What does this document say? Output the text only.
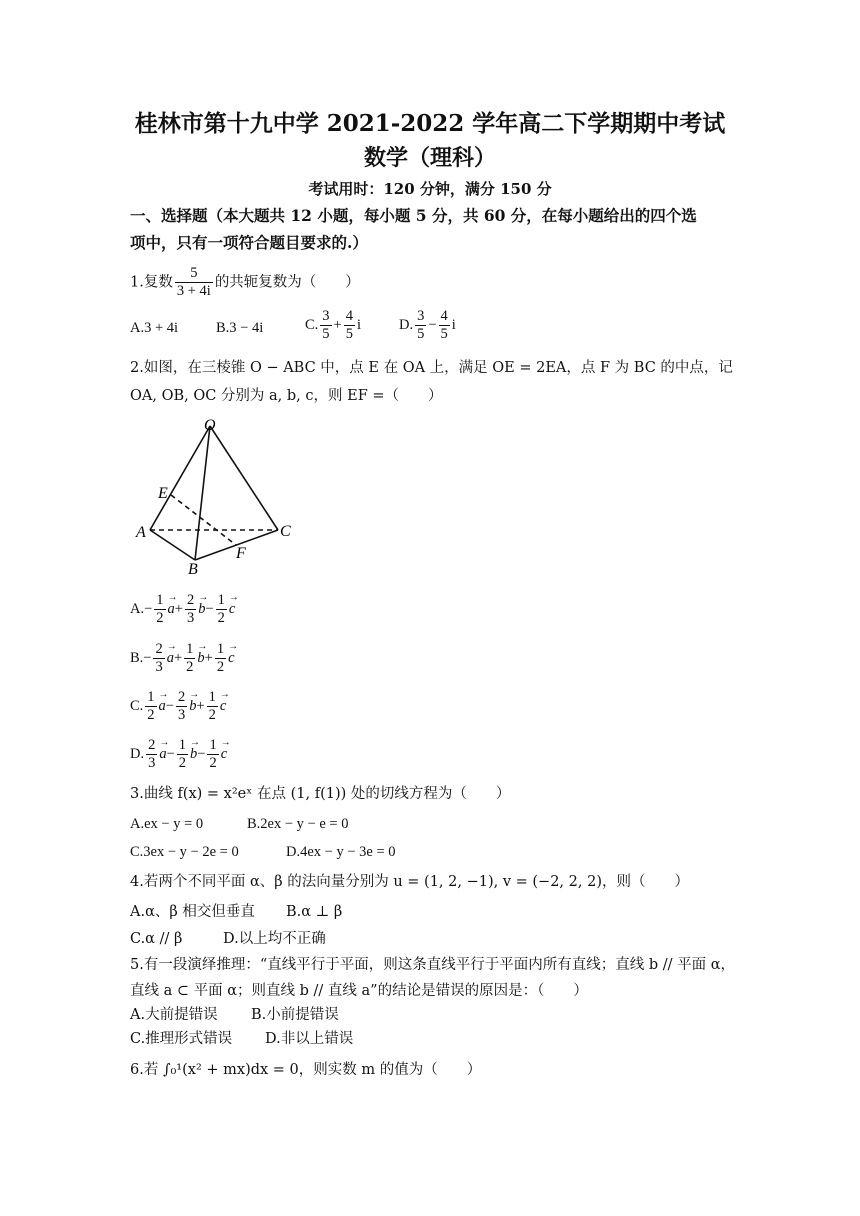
桂林市第十九中学 2021-2022 学年高二下学期期中考试
数学（理科）
考试用时：120 分钟，满分 150 分
一、选择题（本大题共 12 小题，每小题 5 分，共 60 分，在每小题给出的四个选
项中，只有一项符合题目要求的.）
1.复数 $\frac{5}{3 + 4i}$ 的共轭复数为（　　）
A.3 + 4i	B.3 − 4i	C. $\frac{3}{5} + \frac{4}{5}$ i	D. $\frac{3}{5} - \frac{4}{5}$ i
2.如图，在三棱锥 O − ABC 中，点 E 在 OA 上，满足 OE = 2EA，点 F 为 BC 的中点，记
OA, OB, OC 分别为 a, b, c，则 EF =（　　）
O
E
A	C
F
B
$A.- \frac{1}{2} \to a+ \frac{2}{3} \to b- \frac{1}{2} \to c$
$B.- \frac{2}{3} \to a+ \frac{1}{2} \to b+ \frac{1}{2} \to c$
C. $\frac{1}{2} \to a- \frac{2}{3} \to b+ \frac{1}{2} \to c$
D. $\frac{2}{3} \to a- \frac{1}{2} \to b- \frac{1}{2} \to c$
3.曲线 f(x) = x²eˣ 在点 (1, f(1)) 处的切线方程为（　　）
A.ex − y = 0	B.2ex − y − e = 0
C.3ex − y − 2e = 0	D.4ex − y − 3e = 0
4.若两个不同平面 α、β 的法向量分别为 u = (1, 2, −1), v = (−2, 2, 2)，则（　　）
A.α、β 相交但垂直 B.α ⊥ β
C.α // β	D.以上均不正确
5.有一段演绎推理：“直线平行于平面，则这条直线平行于平面内所有直线；直线 b // 平面 α，
直线 a ⊂ 平面 α；则直线 b // 直线 a”的结论是错误的原因是：（　　）
A.大前提错误 B.小前提错误
C.推理形式错误 D.非以上错误
6.若 ∫₀¹(x² + mx)dx = 0，则实数 m 的值为（　　）
